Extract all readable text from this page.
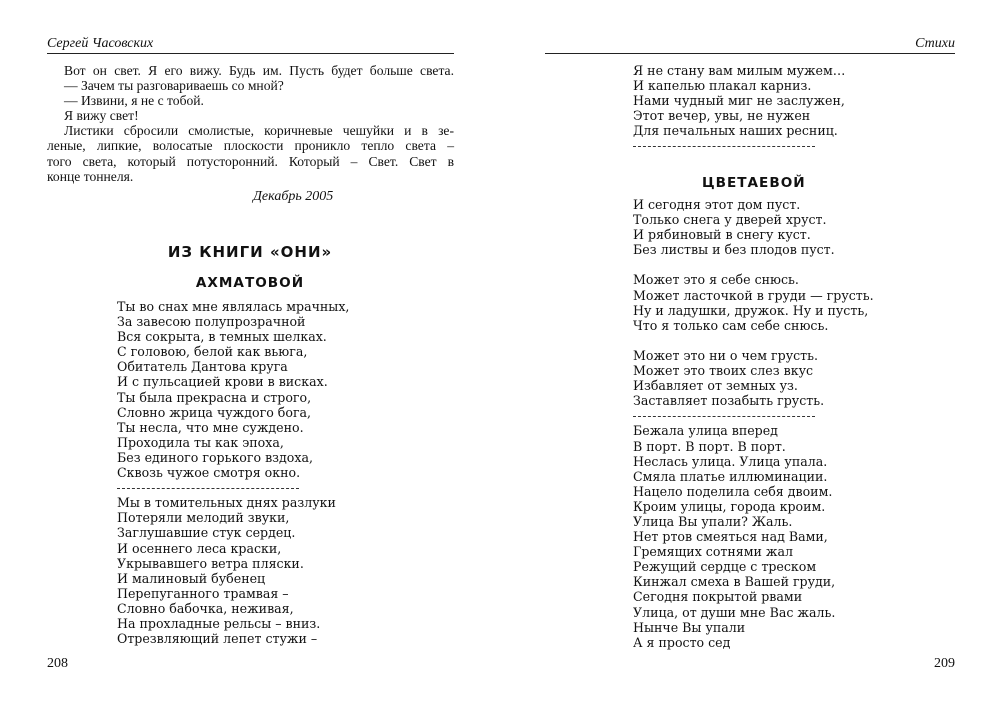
Сергей Часовских
Вот он свет. Я его вижу. Будь им. Пусть будет больше света.
— Зачем ты разговариваешь со мной?
— Извини, я не с тобой.
Я вижу свет!
Листики сбросили смолистые, коричневые чешуйки и в зе-
леные, липкие, волосатые плоскости проникло тепло света –
того света, который потусторонний. Который – Свет. Свет в
конце тоннеля.
Декабрь 2005
ИЗ КНИГИ «ОНИ»
АХМАТОВОЙ
Ты во снах мне являлась мрачных,
За завесою полупрозрачной
Вся сокрыта, в темных шелках.
С головою, белой как вьюга,
Обитатель Дантова круга
И с пульсацией крови в висках.
Ты была прекрасна и строго,
Словно жрица чуждого бога,
Ты несла, что мне суждено.
Проходила ты как эпоха,
Без единого горького вздоха,
Сквозь чужое смотря окно.
Мы в томительных днях разлуки
Потеряли мелодий звуки,
Заглушавшие стук сердец.
И осеннего леса краски,
Укрывавшего ветра пляски.
И малиновый бубенец
Перепуганного трамвая –
Словно бабочка, неживая,
На прохладные рельсы – вниз.
Отрезвляющий лепет стужи –
208
Стихи
Я не стану вам милым мужем…
И капелью плакал карниз.
Нами чудный миг не заслужен,
Этот вечер, увы, не нужен
Для печальных наших ресниц.
ЦВЕТАЕВОЙ
И сегодня этот дом пуст.
Только снега у дверей хруст.
И рябиновый в снегу куст.
Без листвы и без плодов пуст.
Может это я себе снюсь.
Может ласточкой в груди — грусть.
Ну и ладушки, дружок. Ну и пусть,
Что я только сам себе снюсь.
Может это ни о чем грусть.
Может это твоих слез вкус
Избавляет от земных уз.
Заставляет позабыть грусть.
Бежала улица вперед
В порт. В порт. В порт.
Неслась улица. Улица упала.
Смяла платье иллюминации.
Нацело поделила себя двоим.
Кроим улицы, города кроим.
Улица Вы упали? Жаль.
Нет ртов смеяться над Вами,
Гремящих сотнями жал
Режущий сердце с треском
Кинжал смеха в Вашей груди,
Сегодня покрытой рвами
Улица, от души мне Вас жаль.
Нынче Вы упали
А я просто сед
209
